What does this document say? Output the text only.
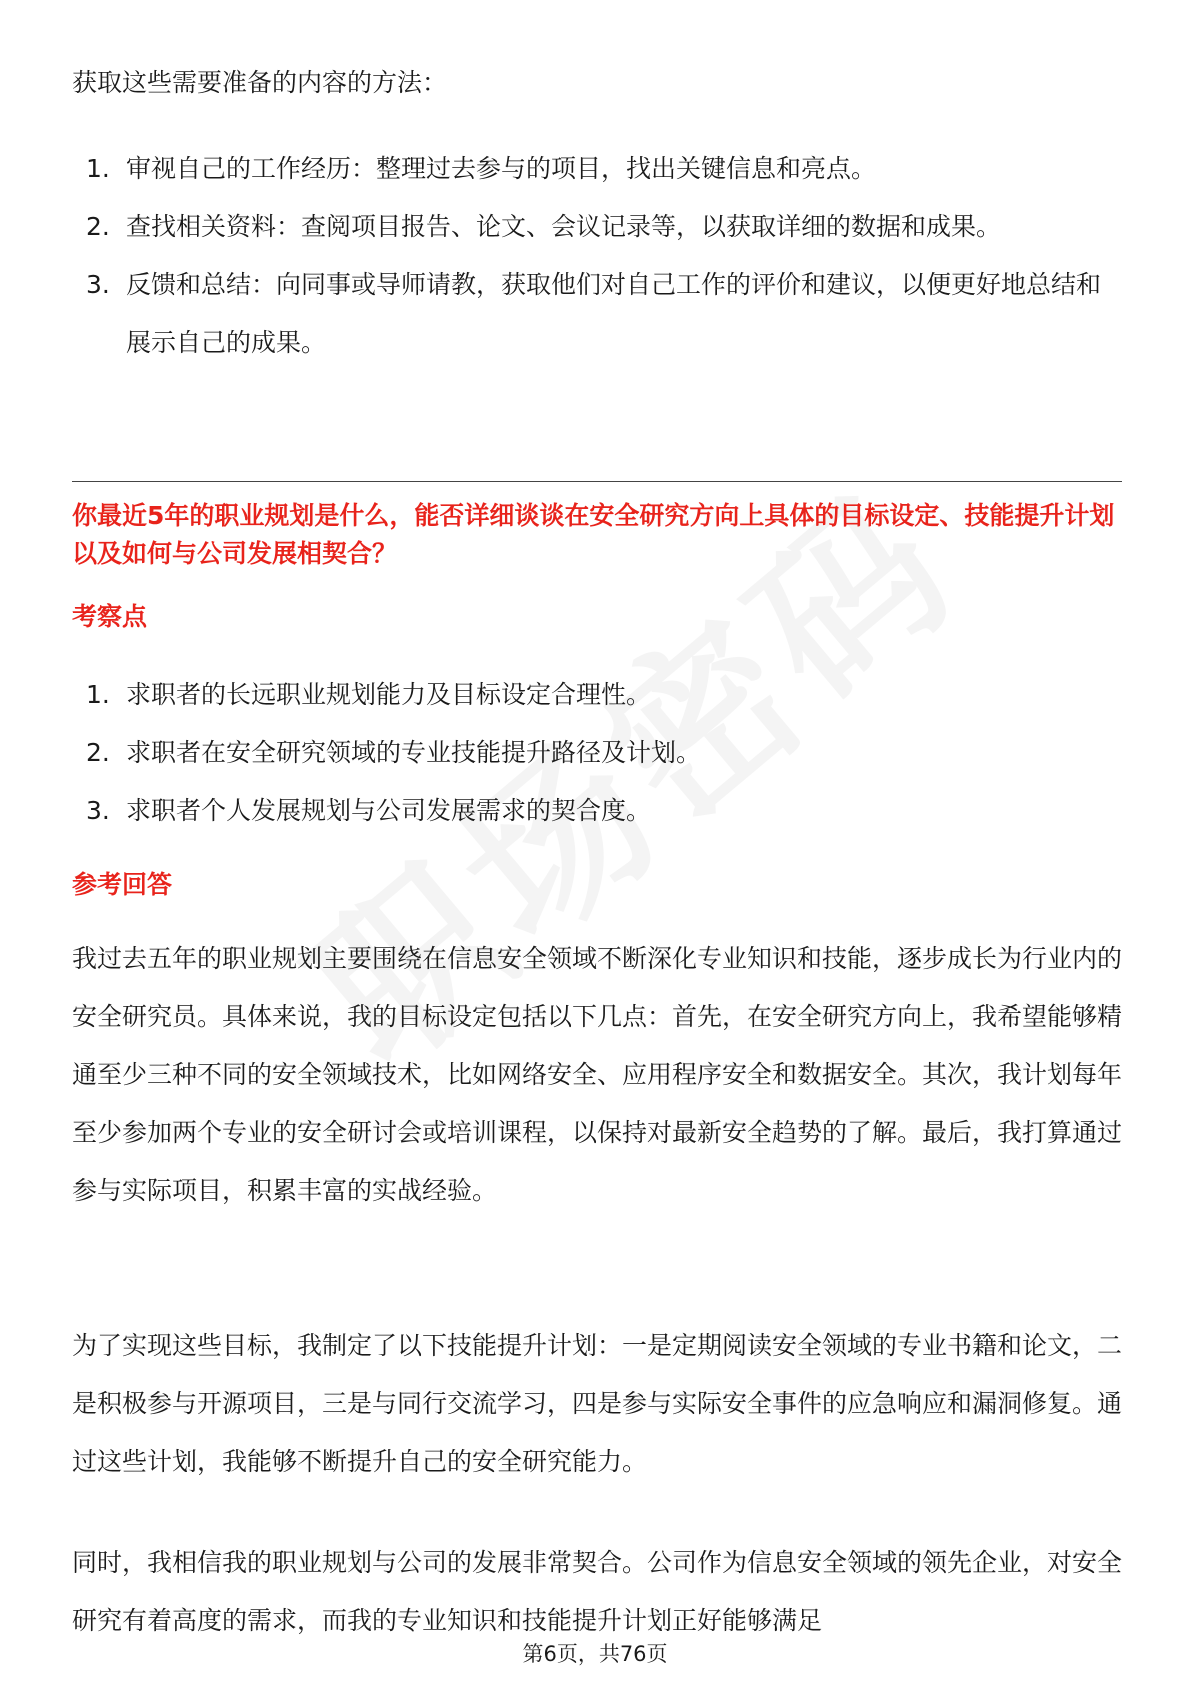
获取这些需要准备的内容的方法：

1. 审视自己的工作经历：整理过去参与的项目，找出关键信息和亮点。
2. 查找相关资料：查阅项目报告、论文、会议记录等，以获取详细的数据和成果。
3. 反馈和总结：向同事或导师请教，获取他们对自己工作的评价和建议，以便更好地总结和展示自己的成果。
你最近5年的职业规划是什么，能否详细谈谈在安全研究方向上具体的目标设定、技能提升计划以及如何与公司发展相契合？
考察点
1. 求职者的长远职业规划能力及目标设定合理性。
2. 求职者在安全研究领域的专业技能提升路径及计划。
3. 求职者个人发展规划与公司发展需求的契合度。
参考回答

我过去五年的职业规划主要围绕在信息安全领域不断深化专业知识和技能，逐步成长为行业内的安全研究员。具体来说，我的目标设定包括以下几点：首先，在安全研究方向上，我希望能够精通至少三种不同的安全领域技术，比如网络安全、应用程序安全和数据安全。其次，我计划每年至少参加两个专业的安全研讨会或培训课程，以保持对最新安全趋势的了解。最后，我打算通过参与实际项目，积累丰富的实战经验。

为了实现这些目标，我制定了以下技能提升计划：一是定期阅读安全领域的专业书籍和论文，二是积极参与开源项目，三是与同行交流学习，四是参与实际安全事件的应急响应和漏洞修复。通过这些计划，我能够不断提升自己的安全研究能力。

同时，我相信我的职业规划与公司的发展非常契合。公司作为信息安全领域的领先企业，对安全研究有着高度的需求，而我的专业知识和技能提升计划正好能够满足

第6页，共76页
